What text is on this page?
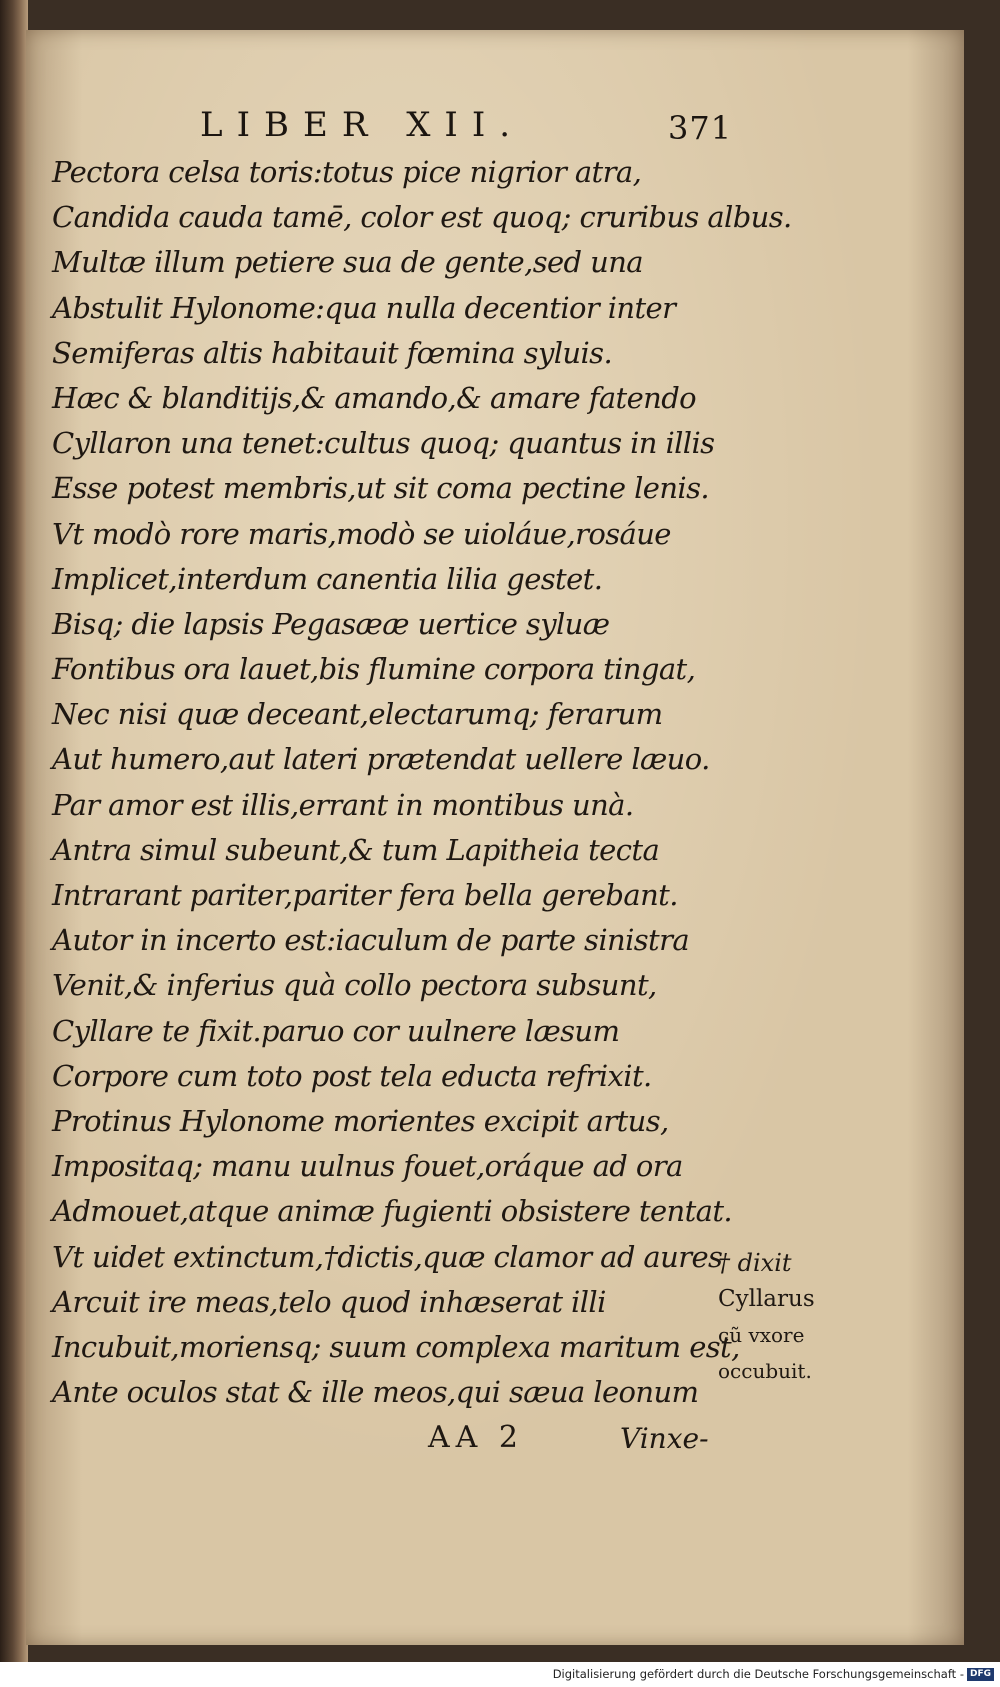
LIBER XII.	371
Pectora celsa toris:totus pice nigrior atra,
Candida cauda tamē, color est quoq; cruribus albus.
Multæ illum petiere sua de gente,sed una
Abstulit Hylonome:qua nulla decentior inter
Semiferas altis habitauit fœmina syluis.
Hæc & blanditijs,& amando,& amare fatendo
Cyllaron una tenet:cultus quoq; quantus in illis
Esse potest membris,ut sit coma pectine lenis.
Vt modò rore maris,modò se uioláue,rosáue
Implicet,interdum canentia lilia gestet.
Bisq; die lapsis Pegasææ uertice syluæ
Fontibus ora lauet,bis flumine corpora tingat,
Nec nisi quæ deceant,electarumq; ferarum
Aut humero,aut lateri prætendat uellere læuo.
Par amor est illis,errant in montibus unà.
Antra simul subeunt,& tum Lapitheia tecta
Intrarant pariter,pariter fera bella gerebant.
Autor in incerto est:iaculum de parte sinistra
Venit,& inferius quà collo pectora subsunt,
Cyllare te fixit.paruo cor uulnere læsum
Corpore cum toto post tela educta refrixit.
Protinus Hylonome morientes excipit artus,
Impositaq; manu uulnus fouet,oráque ad ora
Admouet,atque animæ fugienti obsistere tentat.
Vt uidet extinctum,†dictis,quæ clamor ad aures
Arcuit ire meas,telo quod inhæserat illi
Incubuit,moriensq; suum complexa maritum est,
Ante oculos stat & ille meos,qui sæua leonum
† dixit
Cyllarus
cũ vxore
occubuit.
AA 2	Vinxe-
Digitalisierung gefördert durch die Deutsche Forschungsgemeinschaft - DFG
